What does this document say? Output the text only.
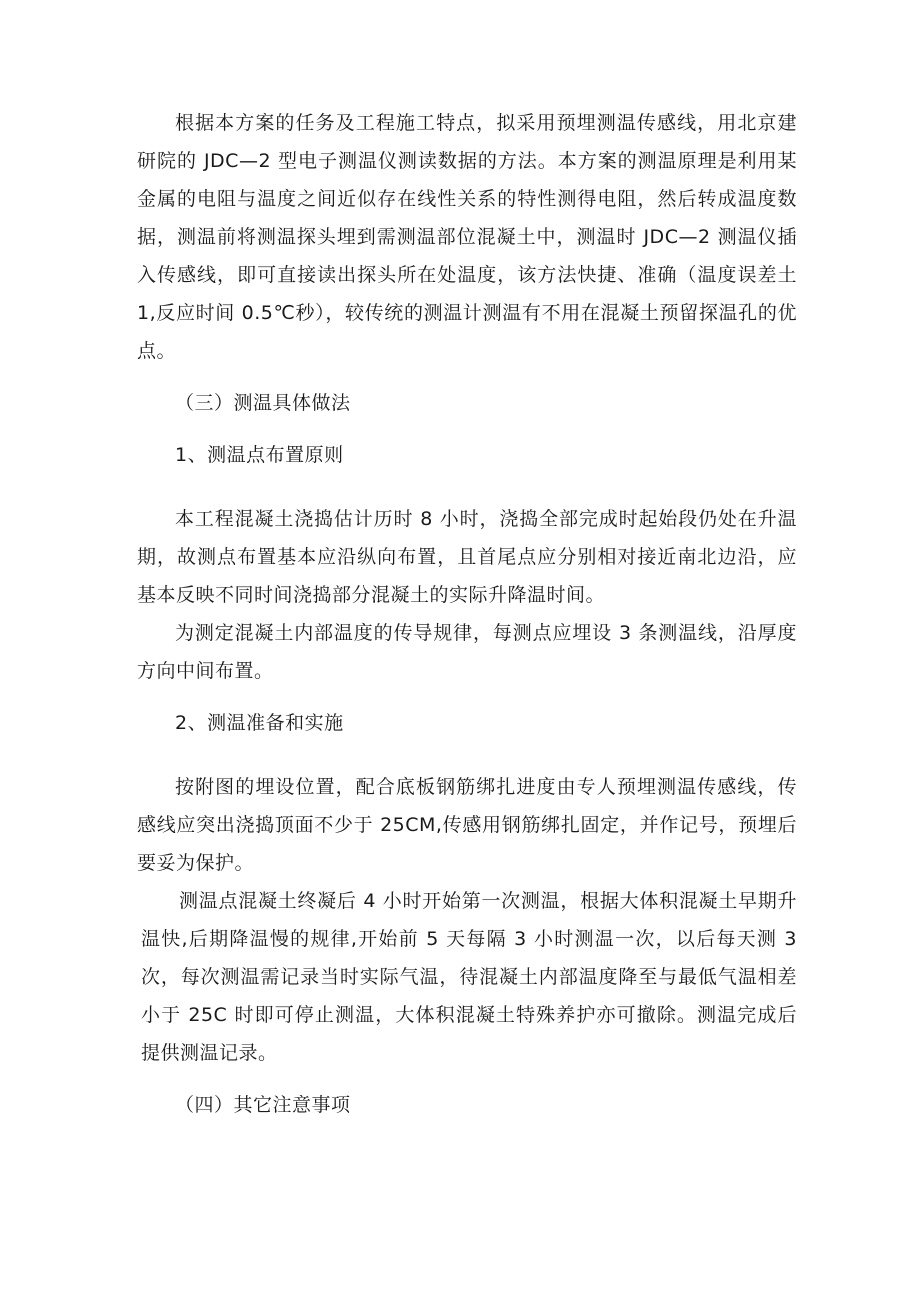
根据本方案的任务及工程施工特点，拟采用预埋测温传感线，用北京建研院的 JDC—2 型电子测温仪测读数据的方法。本方案的测温原理是利用某金属的电阻与温度之间近似存在线性关系的特性测得电阻，然后转成温度数据，测温前将测温探头埋到需测温部位混凝土中，测温时 JDC—2 测温仪插入传感线，即可直接读出探头所在处温度，该方法快捷、准确（温度误差土 1,反应时间 0.5℃秒），较传统的测温计测温有不用在混凝土预留探温孔的优点。

（三）测温具体做法

1、测温点布置原则

本工程混凝土浇捣估计历时 8 小时，浇捣全部完成时起始段仍处在升温期，故测点布置基本应沿纵向布置，且首尾点应分别相对接近南北边沿，应基本反映不同时间浇捣部分混凝土的实际升降温时间。

为测定混凝土内部温度的传导规律，每测点应埋设 3 条测温线，沿厚度方向中间布置。

2、测温准备和实施

按附图的埋设位置，配合底板钢筋绑扎进度由专人预埋测温传感线，传感线应突出浇捣顶面不少于 25CM,传感用钢筋绑扎固定，并作记号，预埋后要妥为保护。

测温点混凝土终凝后 4 小时开始第一次测温，根据大体积混凝土早期升温快,后期降温慢的规律,开始前 5 天每隔 3 小时测温一次，以后每天测 3 次，每次测温需记录当时实际气温，待混凝土内部温度降至与最低气温相差小于 25C 时即可停止测温，大体积混凝土特殊养护亦可撤除。测温完成后提供测温记录。

（四）其它注意事项
